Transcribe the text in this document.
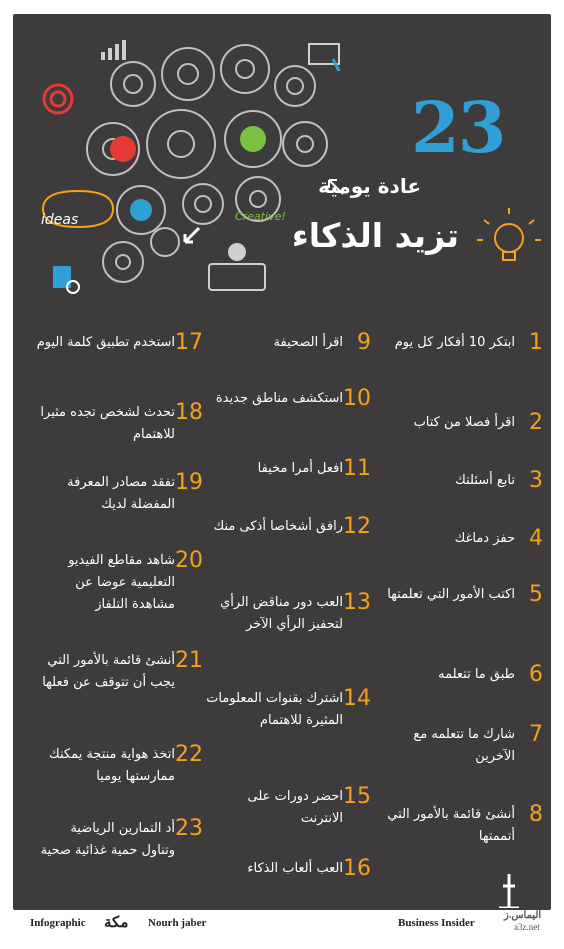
23
عادة يومية
تزيد الذكاء
ideas	Creative!
1
ابتكر 10 أفكار كل يوم
2
اقرأ فصلا من كتاب
3
تابع أسئلتك
4
حفز دماغك
5
اكتب الأمور التي تعلمتها
6
طبق ما تتعلمه
7
شارك ما تتعلمه مع الآخرين
8
أنشئ قائمة بالأمور التي أتممتها
9
اقرأ الصحيفة
10
استكشف مناطق جديدة
11
افعل أمرا مخيفا
12
رافق أشخاصا أذكى منك
13
العب دور مناقض الرأي لتحفيز الرأي الآخر
14
اشترك بقنوات المعلومات المثيرة للاهتمام
15
احضر دورات على الانترنت
16
العب ألعاب الذكاء
17
استخدم تطبيق كلمة اليوم
18
تحدث لشخص تجده مثيرا للاهتمام
19
تفقد مصادر المعرفة المفضلة لديك
20
شاهد مقاطع الفيديو التعليمية عوضا عن مشاهدة التلفاز
21
أنشئ قائمة بالأمور التي يجب أن تتوقف عن فعلها
22
اتخذ هواية منتجة يمكنك ممارستها يوميا
23
أد التمارين الرياضية وتناول حمية غذائية صحية
Infographic مكة Nourh jaber	Business Insider
اليماس.ز
a3z.net
